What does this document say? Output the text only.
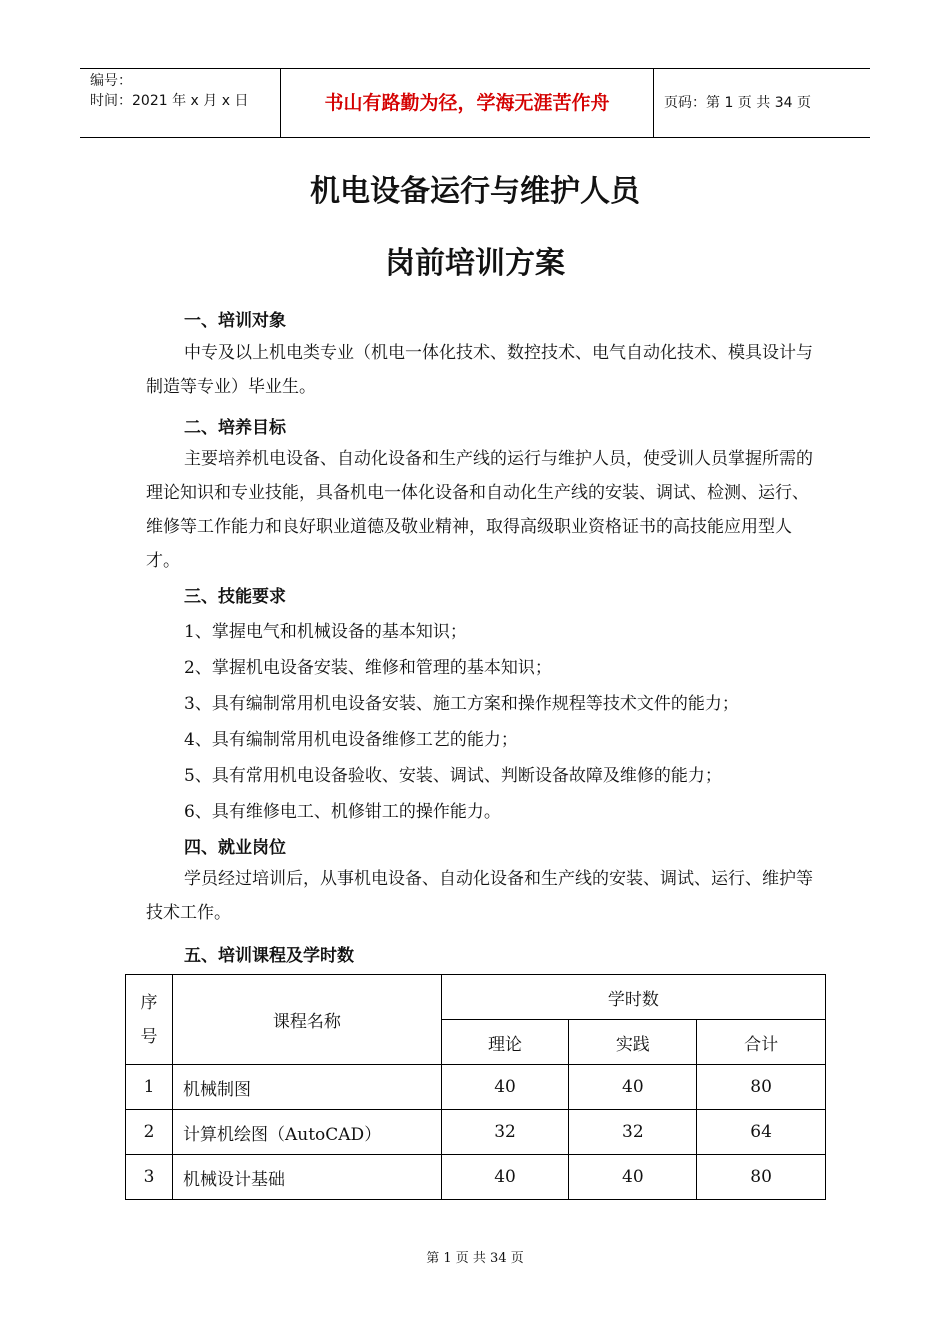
编号：
时间：2021 年 x 月 x 日	书山有路勤为径，学海无涯苦作舟	页码：第 1 页 共 34 页
机电设备运行与维护人员
岗前培训方案

一、培训对象

中专及以上机电类专业（机电一体化技术、数控技术、电气自动化技术、模具设计与制造等专业）毕业生。

二、培养目标

主要培养机电设备、自动化设备和生产线的运行与维护人员，使受训人员掌握所需的理论知识和专业技能，具备机电一体化设备和自动化生产线的安装、调试、检测、运行、维修等工作能力和良好职业道德及敬业精神，取得高级职业资格证书的高技能应用型人才。

三、技能要求

1、掌握电气和机械设备的基本知识；

2、掌握机电设备安装、维修和管理的基本知识；

3、具有编制常用机电设备安装、施工方案和操作规程等技术文件的能力；

4、具有编制常用机电设备维修工艺的能力；

5、具有常用机电设备验收、安装、调试、判断设备故障及维修的能力；

6、具有维修电工、机修钳工的操作能力。

四、就业岗位

学员经过培训后，从事机电设备、自动化设备和生产线的安装、调试、运行、维护等技术工作。

五、培训课程及学时数

序号	课程名称	学时数		
		理论	实践	合计
1	机械制图	40	40	80
2	计算机绘图（AutoCAD）	32	32	64
3	机械设计基础	40	40	80
第 1 页 共 34 页
